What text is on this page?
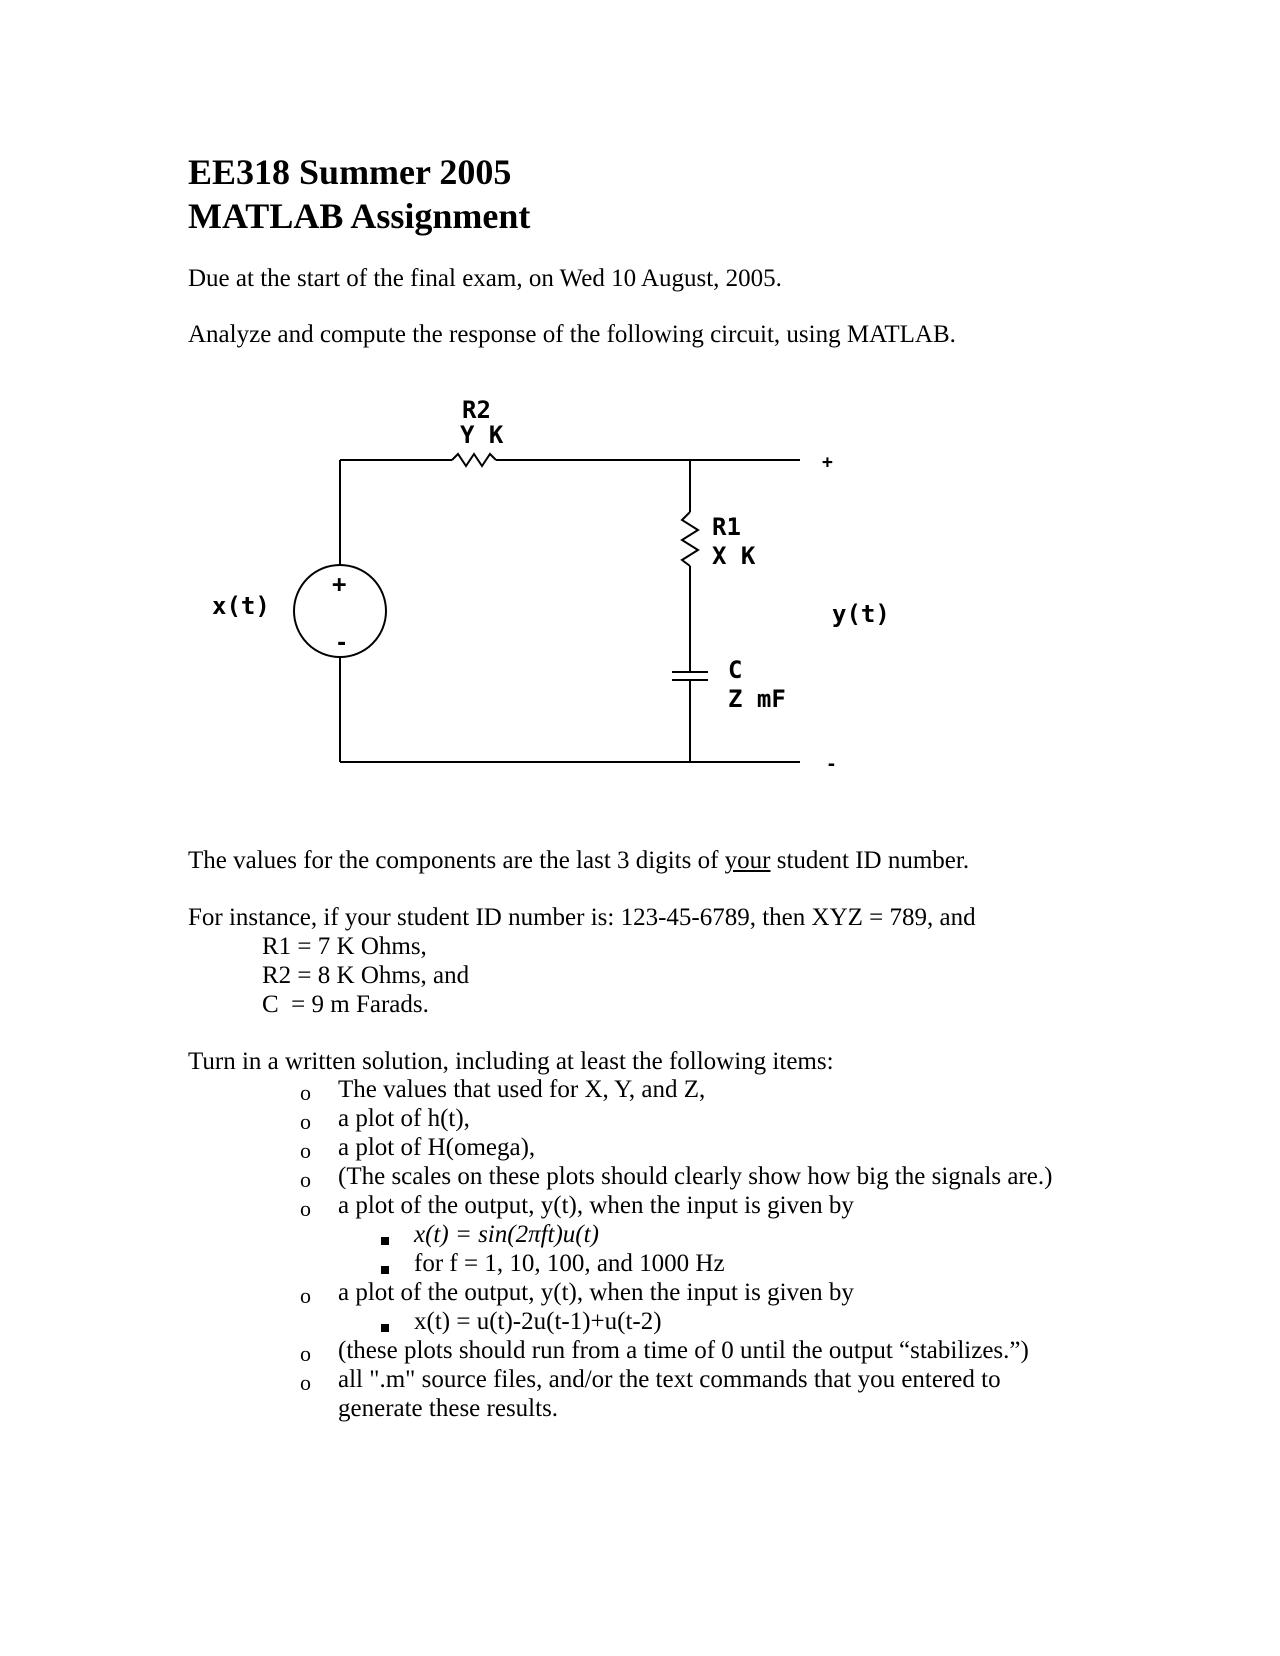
EE318 Summer 2005
MATLAB Assignment
Due at the start of the final exam, on Wed 10 August, 2005.
Analyze and compute the response of the following circuit, using MATLAB.
R2
Y K
R1
X K
C
Z mF
x(t)
+
-
y(t)
+
-
The values for the components are the last 3 digits of your student ID number.
For instance, if your student ID number is: 123-45-6789, then XYZ = 789, and
R1 = 7 K Ohms,
R2 = 8 K Ohms, and
C  = 9 m Farads.
Turn in a written solution, including at least the following items:
o The values that used for X, Y, and Z,
o a plot of h(t),
o a plot of H(omega),
o (The scales on these plots should clearly show how big the signals are.)
o a plot of the output, y(t), when the input is given by
x(t) = sin(2πft)u(t)
for f = 1, 10, 100, and 1000 Hz
o a plot of the output, y(t), when the input is given by
x(t) = u(t)-2u(t-1)+u(t-2)
o (these plots should run from a time of 0 until the output “stabilizes.”)
o all ".m" source files, and/or the text commands that you entered to
generate these results.
